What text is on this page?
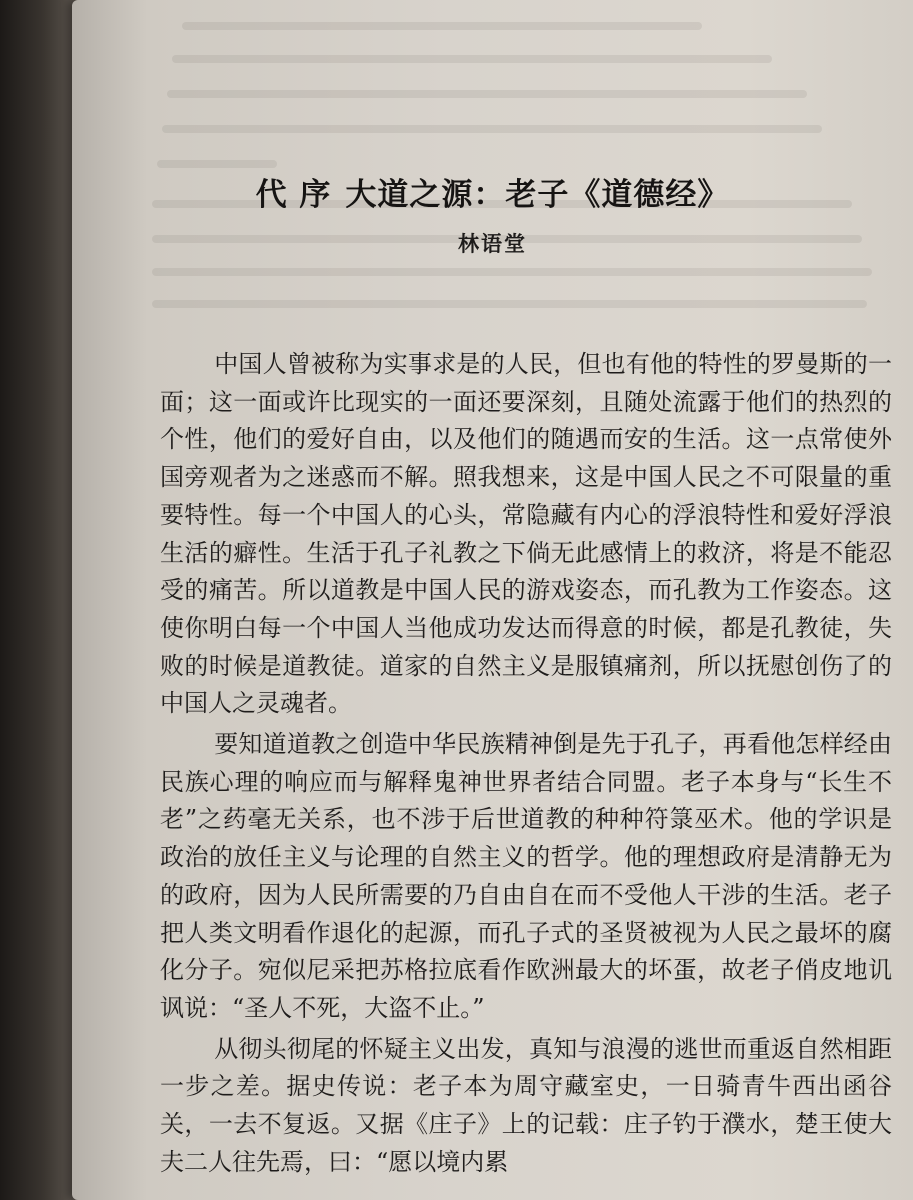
代 序 大道之源：老子《道德经》
林语堂

中国人曾被称为实事求是的人民，但也有他的特性的罗曼斯的一面；这一面或许比现实的一面还要深刻，且随处流露于他们的热烈的个性，他们的爱好自由，以及他们的随遇而安的生活。这一点常使外国旁观者为之迷惑而不解。照我想来，这是中国人民之不可限量的重要特性。每一个中国人的心头，常隐藏有内心的浮浪特性和爱好浮浪生活的癖性。生活于孔子礼教之下倘无此感情上的救济，将是不能忍受的痛苦。所以道教是中国人民的游戏姿态，而孔教为工作姿态。这使你明白每一个中国人当他成功发达而得意的时候，都是孔教徒，失败的时候是道教徒。道家的自然主义是服镇痛剂，所以抚慰创伤了的中国人之灵魂者。

要知道道教之创造中华民族精神倒是先于孔子，再看他怎样经由民族心理的响应而与解释鬼神世界者结合同盟。老子本身与“长生不老”之药毫无关系，也不涉于后世道教的种种符箓巫术。他的学识是政治的放任主义与论理的自然主义的哲学。他的理想政府是清静无为的政府，因为人民所需要的乃自由自在而不受他人干涉的生活。老子把人类文明看作退化的起源，而孔子式的圣贤被视为人民之最坏的腐化分子。宛似尼采把苏格拉底看作欧洲最大的坏蛋，故老子俏皮地讥讽说：“圣人不死，大盗不止。”

从彻头彻尾的怀疑主义出发，真知与浪漫的逃世而重返自然相距一步之差。据史传说：老子本为周守藏室史，一日骑青牛西出函谷关，一去不复返。又据《庄子》上的记载：庄子钓于濮水，楚王使大夫二人往先焉，曰：“愿以境内累
